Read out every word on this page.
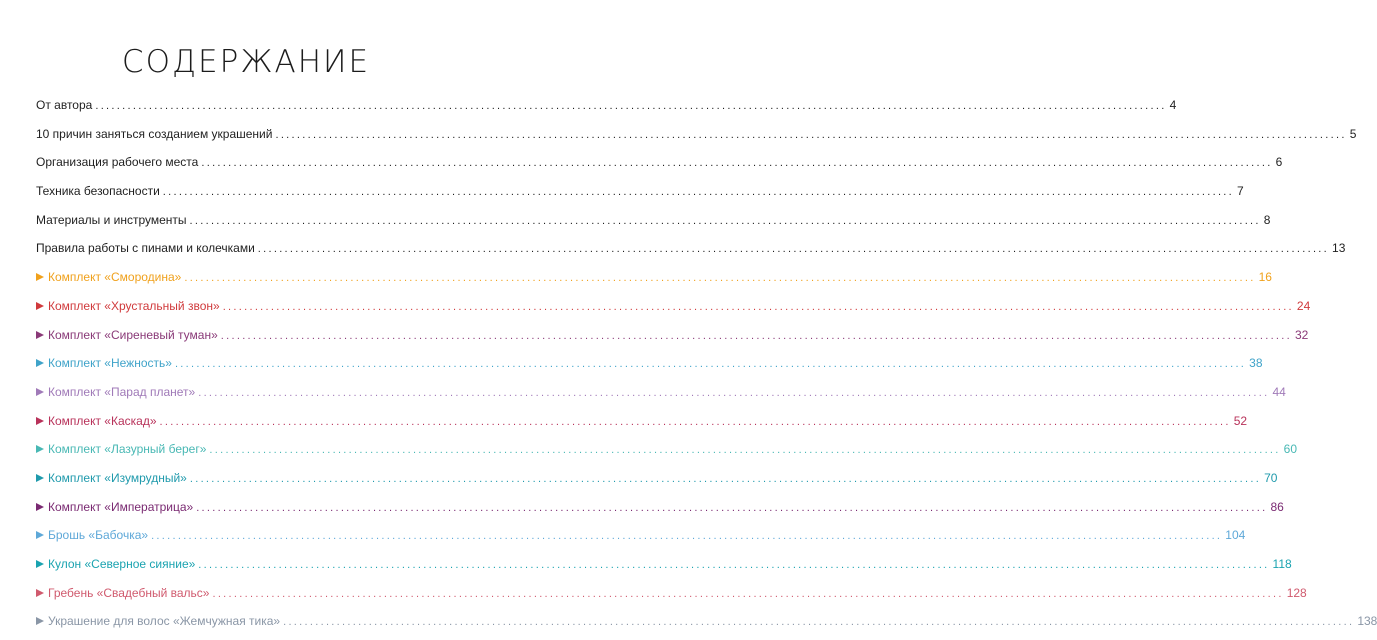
СОДЕРЖАНИЕ
От автора ........................................................................................................................................................................................................ 4
10 причин заняться созданием украшений ........................................................................................................................................................................................................ 5
Организация рабочего места ........................................................................................................................................................................................................ 6
Техника безопасности ........................................................................................................................................................................................................ 7
Материалы и инструменты ........................................................................................................................................................................................................ 8
Правила работы с пинами и колечками ........................................................................................................................................................................................................ 13
Комплект «Смородина» ........................................................................................................................................................................................................ 16
Комплект «Хрустальный звон» ........................................................................................................................................................................................................ 24
Комплект «Сиреневый туман» ........................................................................................................................................................................................................ 32
Комплект «Нежность» ........................................................................................................................................................................................................ 38
Комплект «Парад планет» ........................................................................................................................................................................................................ 44
Комплект «Каскад» ........................................................................................................................................................................................................ 52
Комплект «Лазурный берег» ........................................................................................................................................................................................................ 60
Комплект «Изумрудный» ........................................................................................................................................................................................................ 70
Комплект «Императрица» ........................................................................................................................................................................................................ 86
Брошь «Бабочка» ........................................................................................................................................................................................................ 104
Кулон «Северное сияние» ........................................................................................................................................................................................................ 118
Гребень «Свадебный вальс» ........................................................................................................................................................................................................ 128
Украшение для волос «Жемчужная тика» ........................................................................................................................................................................................................ 138
